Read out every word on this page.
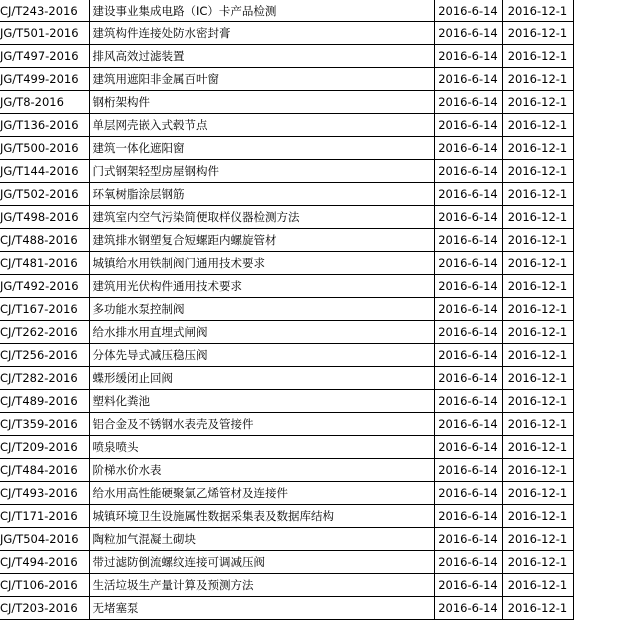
CJ/T243-2016	建设事业集成电路（IC）卡产品检测	2016-6-14	2016-12-1
JG/T501-2016	建筑构件连接处防水密封膏	2016-6-14	2016-12-1
JG/T497-2016	排风高效过滤装置	2016-6-14	2016-12-1
JG/T499-2016	建筑用遮阳非金属百叶窗	2016-6-14	2016-12-1
JG/T8-2016	钢桁架构件	2016-6-14	2016-12-1
JG/T136-2016	单层网壳嵌入式毂节点	2016-6-14	2016-12-1
JG/T500-2016	建筑一体化遮阳窗	2016-6-14	2016-12-1
JG/T144-2016	门式钢架轻型房屋钢构件	2016-6-14	2016-12-1
JG/T502-2016	环氧树脂涂层钢筋	2016-6-14	2016-12-1
JG/T498-2016	建筑室内空气污染简便取样仪器检测方法	2016-6-14	2016-12-1
CJ/T488-2016	建筑排水钢塑复合短螺距内螺旋管材	2016-6-14	2016-12-1
CJ/T481-2016	城镇给水用铁制阀门通用技术要求	2016-6-14	2016-12-1
JG/T492-2016	建筑用光伏构件通用技术要求	2016-6-14	2016-12-1
CJ/T167-2016	多功能水泵控制阀	2016-6-14	2016-12-1
CJ/T262-2016	给水排水用直埋式闸阀	2016-6-14	2016-12-1
CJ/T256-2016	分体先导式减压稳压阀	2016-6-14	2016-12-1
CJ/T282-2016	蝶形缓闭止回阀	2016-6-14	2016-12-1
CJ/T489-2016	塑料化粪池	2016-6-14	2016-12-1
CJ/T359-2016	铝合金及不锈钢水表壳及管接件	2016-6-14	2016-12-1
CJ/T209-2016	喷泉喷头	2016-6-14	2016-12-1
CJ/T484-2016	阶梯水价水表	2016-6-14	2016-12-1
CJ/T493-2016	给水用高性能硬聚氯乙烯管材及连接件	2016-6-14	2016-12-1
CJ/T171-2016	城镇环境卫生设施属性数据采集表及数据库结构	2016-6-14	2016-12-1
JG/T504-2016	陶粒加气混凝土砌块	2016-6-14	2016-12-1
CJ/T494-2016	带过滤防倒流螺纹连接可调减压阀	2016-6-14	2016-12-1
CJ/T106-2016	生活垃圾生产量计算及预测方法	2016-6-14	2016-12-1
CJ/T203-2016	无堵塞泵	2016-6-14	2016-12-1
